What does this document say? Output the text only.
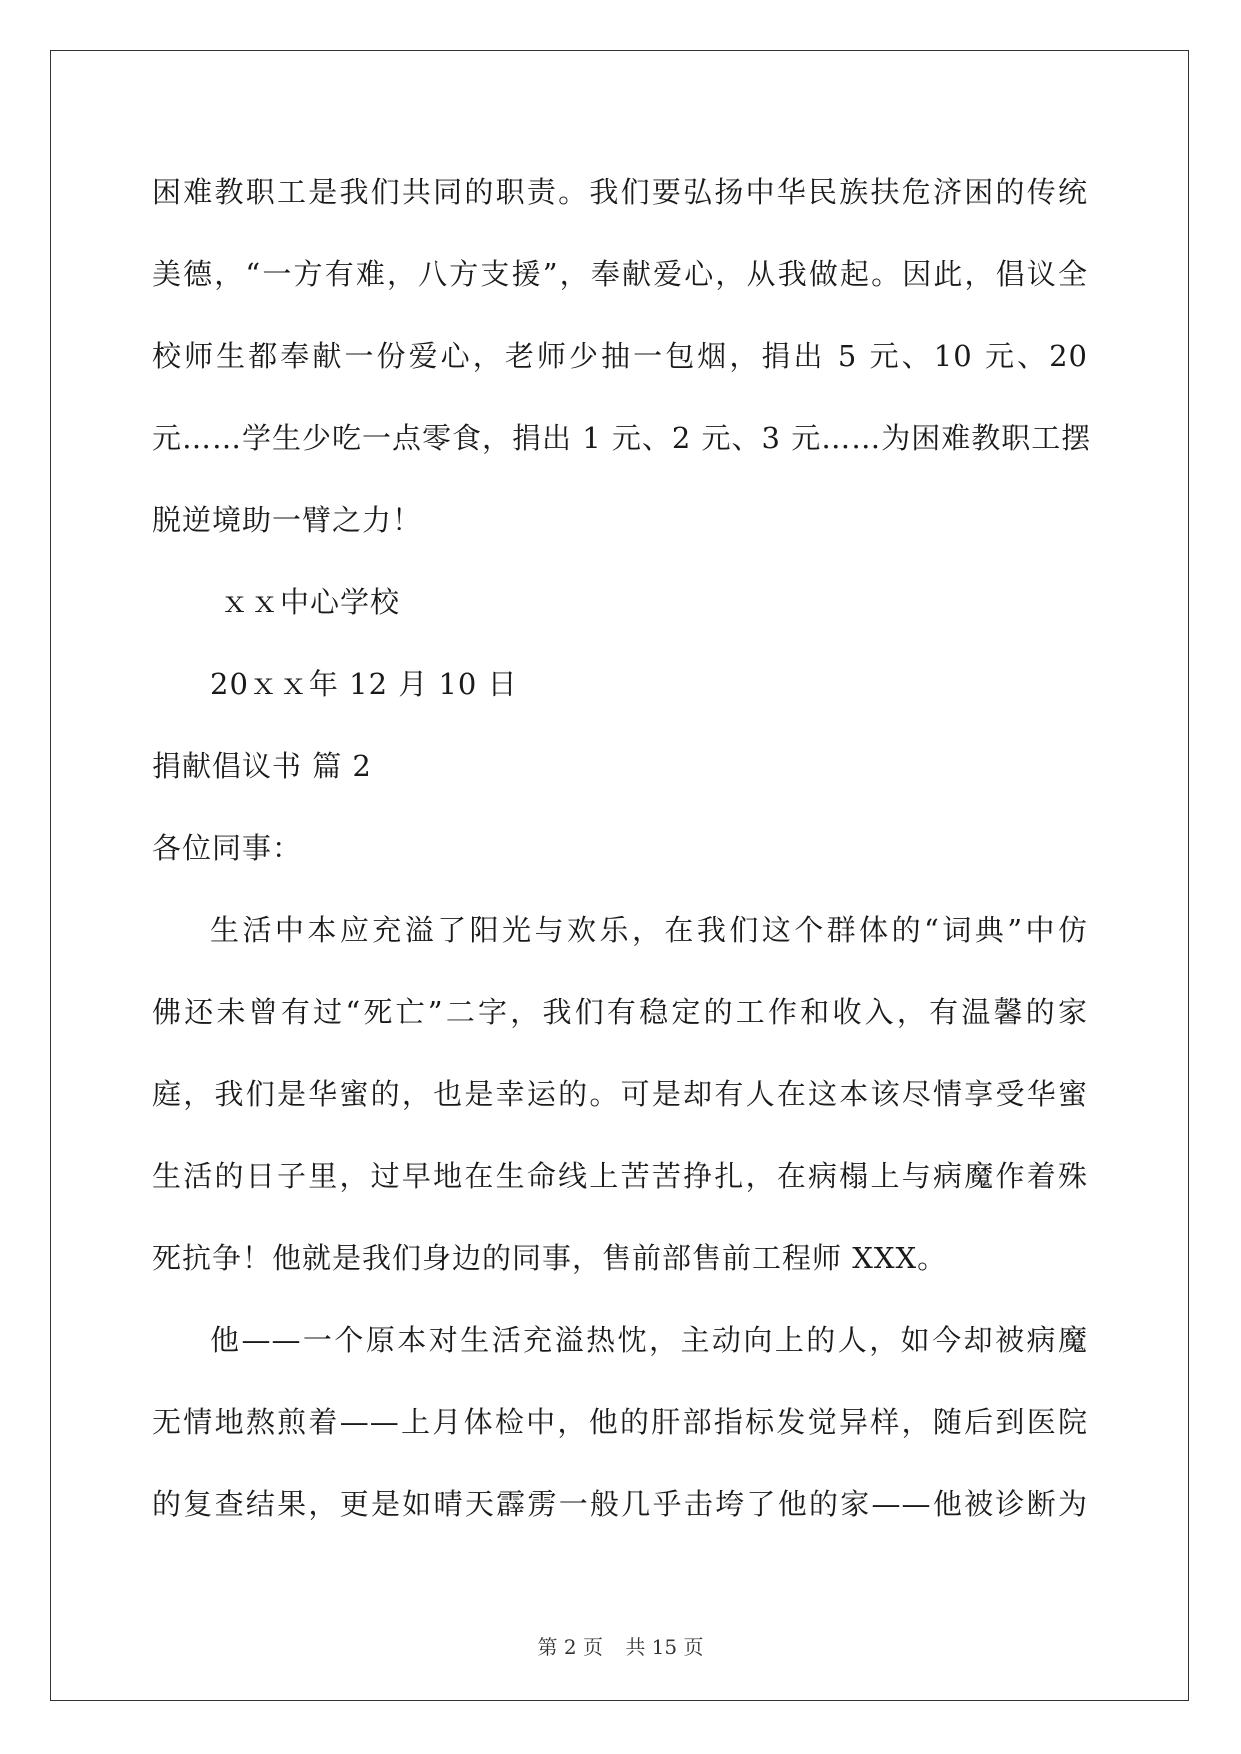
困难教职工是我们共同的职责。我们要弘扬中华民族扶危济困的传统
美德，“一方有难，八方支援”，奉献爱心，从我做起。因此，倡议全
校师生都奉献一份爱心，老师少抽一包烟，捐出 5 元、10 元、20
元……学生少吃一点零食，捐出 1 元、2 元、3 元……为困难教职工摆
脱逆境助一臂之力！
ｘｘ中心学校
20ｘｘ年 12 月 10 日
捐献倡议书 篇 2
各位同事：
生活中本应充溢了阳光与欢乐，在我们这个群体的“词典”中仿
佛还未曾有过“死亡”二字，我们有稳定的工作和收入，有温馨的家
庭，我们是华蜜的，也是幸运的。可是却有人在这本该尽情享受华蜜
生活的日子里，过早地在生命线上苦苦挣扎，在病榻上与病魔作着殊
死抗争！他就是我们身边的同事，售前部售前工程师 XXX。
他——一个原本对生活充溢热忱，主动向上的人，如今却被病魔
无情地熬煎着——上月体检中，他的肝部指标发觉异样，随后到医院
的复查结果，更是如晴天霹雳一般几乎击垮了他的家——他被诊断为
第 2 页 共 15 页
